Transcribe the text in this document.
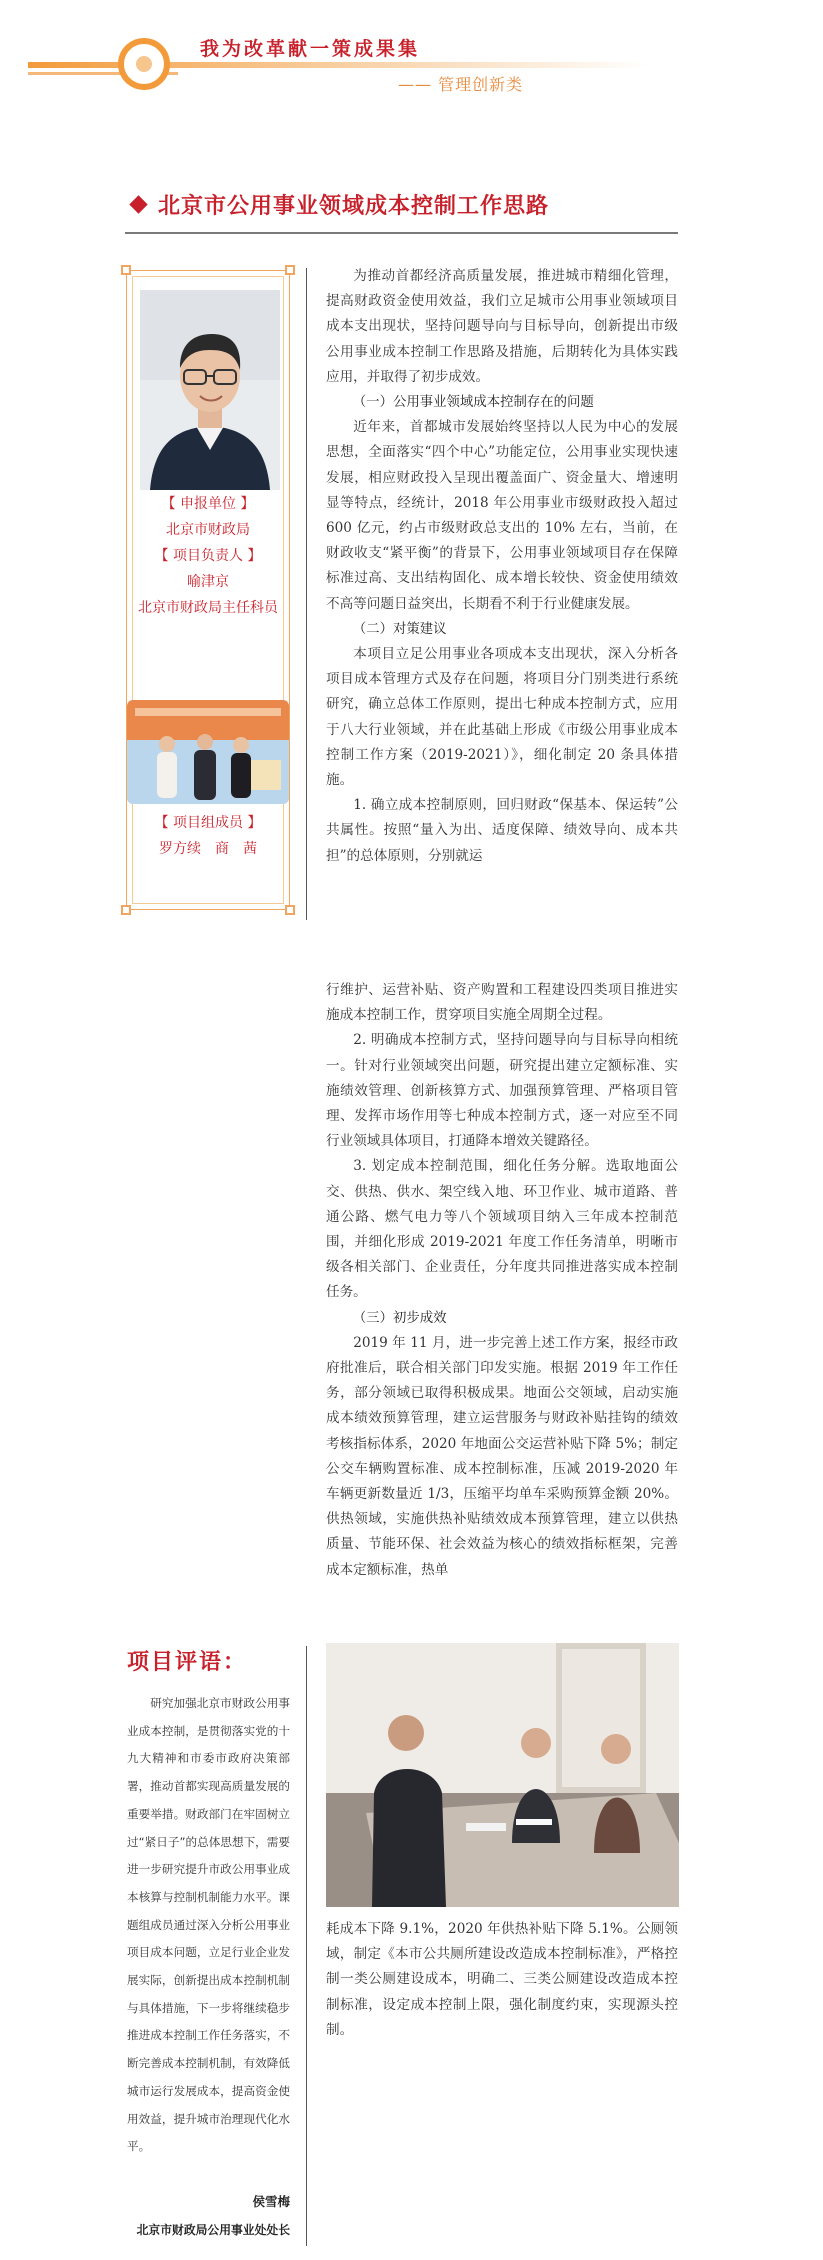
我为改革献一策成果集
—— 管理创新类
北京市公用事业领域成本控制工作思路
【 申报单位 】
北京市财政局
【 项目负责人 】
喻津京
北京市财政局主任科员
【 项目组成员 】
罗方续　商　茜

为推动首都经济高质量发展，推进城市精细化管理，提高财政资金使用效益，我们立足城市公用事业领域项目成本支出现状，坚持问题导向与目标导向，创新提出市级公用事业成本控制工作思路及措施，后期转化为具体实践应用，并取得了初步成效。

（一）公用事业领域成本控制存在的问题

近年来，首都城市发展始终坚持以人民为中心的发展思想，全面落实“四个中心”功能定位，公用事业实现快速发展，相应财政投入呈现出覆盖面广、资金量大、增速明显等特点，经统计，2018 年公用事业市级财政投入超过 600 亿元，约占市级财政总支出的 10% 左右，当前，在财政收支“紧平衡”的背景下，公用事业领域项目存在保障标准过高、支出结构固化、成本增长较快、资金使用绩效不高等问题日益突出，长期看不利于行业健康发展。

（二）对策建议

本项目立足公用事业各项成本支出现状，深入分析各项目成本管理方式及存在问题，将项目分门别类进行系统研究，确立总体工作原则，提出七种成本控制方式，应用于八大行业领域，并在此基础上形成《市级公用事业成本控制工作方案（2019-2021）》，细化制定 20 条具体措施。

1. 确立成本控制原则，回归财政“保基本、保运转”公共属性。按照“量入为出、适度保障、绩效导向、成本共担”的总体原则，分别就运

行维护、运营补贴、资产购置和工程建设四类项目推进实施成本控制工作，贯穿项目实施全周期全过程。

2. 明确成本控制方式，坚持问题导向与目标导向相统一。针对行业领域突出问题，研究提出建立定额标准、实施绩效管理、创新核算方式、加强预算管理、严格项目管理、发挥市场作用等七种成本控制方式，逐一对应至不同行业领域具体项目，打通降本增效关键路径。

3. 划定成本控制范围，细化任务分解。选取地面公交、供热、供水、架空线入地、环卫作业、城市道路、普通公路、燃气电力等八个领域项目纳入三年成本控制范围，并细化形成 2019-2021 年度工作任务清单，明晰市级各相关部门、企业责任，分年度共同推进落实成本控制任务。

（三）初步成效

2019 年 11 月，进一步完善上述工作方案，报经市政府批准后，联合相关部门印发实施。根据 2019 年工作任务，部分领域已取得积极成果。地面公交领域，启动实施成本绩效预算管理，建立运营服务与财政补贴挂钩的绩效考核指标体系，2020 年地面公交运营补贴下降 5%；制定公交车辆购置标准、成本控制标准，压减 2019-2020 年车辆更新数量近 1/3，压缩平均单车采购预算金额 20%。供热领域，实施供热补贴绩效成本预算管理，建立以供热质量、节能环保、社会效益为核心的绩效指标框架，完善成本定额标准，热单

项目评语：

研究加强北京市财政公用事业成本控制，是贯彻落实党的十九大精神和市委市政府决策部署，推动首都实现高质量发展的重要举措。财政部门在牢固树立过“紧日子”的总体思想下，需要进一步研究提升市政公用事业成本核算与控制机制能力水平。课题组成员通过深入分析公用事业项目成本问题，立足行业企业发展实际，创新提出成本控制机制与具体措施，下一步将继续稳步推进成本控制工作任务落实，不断完善成本控制机制，有效降低城市运行发展成本，提高资金使用效益，提升城市治理现代化水平。

侯雪梅
北京市财政局公用事业处处长

耗成本下降 9.1%，2020 年供热补贴下降 5.1%。公厕领域，制定《本市公共厕所建设改造成本控制标准》，严格控制一类公厕建设成本，明确二、三类公厕建设改造成本控制标准，设定成本控制上限，强化制度约束，实现源头控制。
